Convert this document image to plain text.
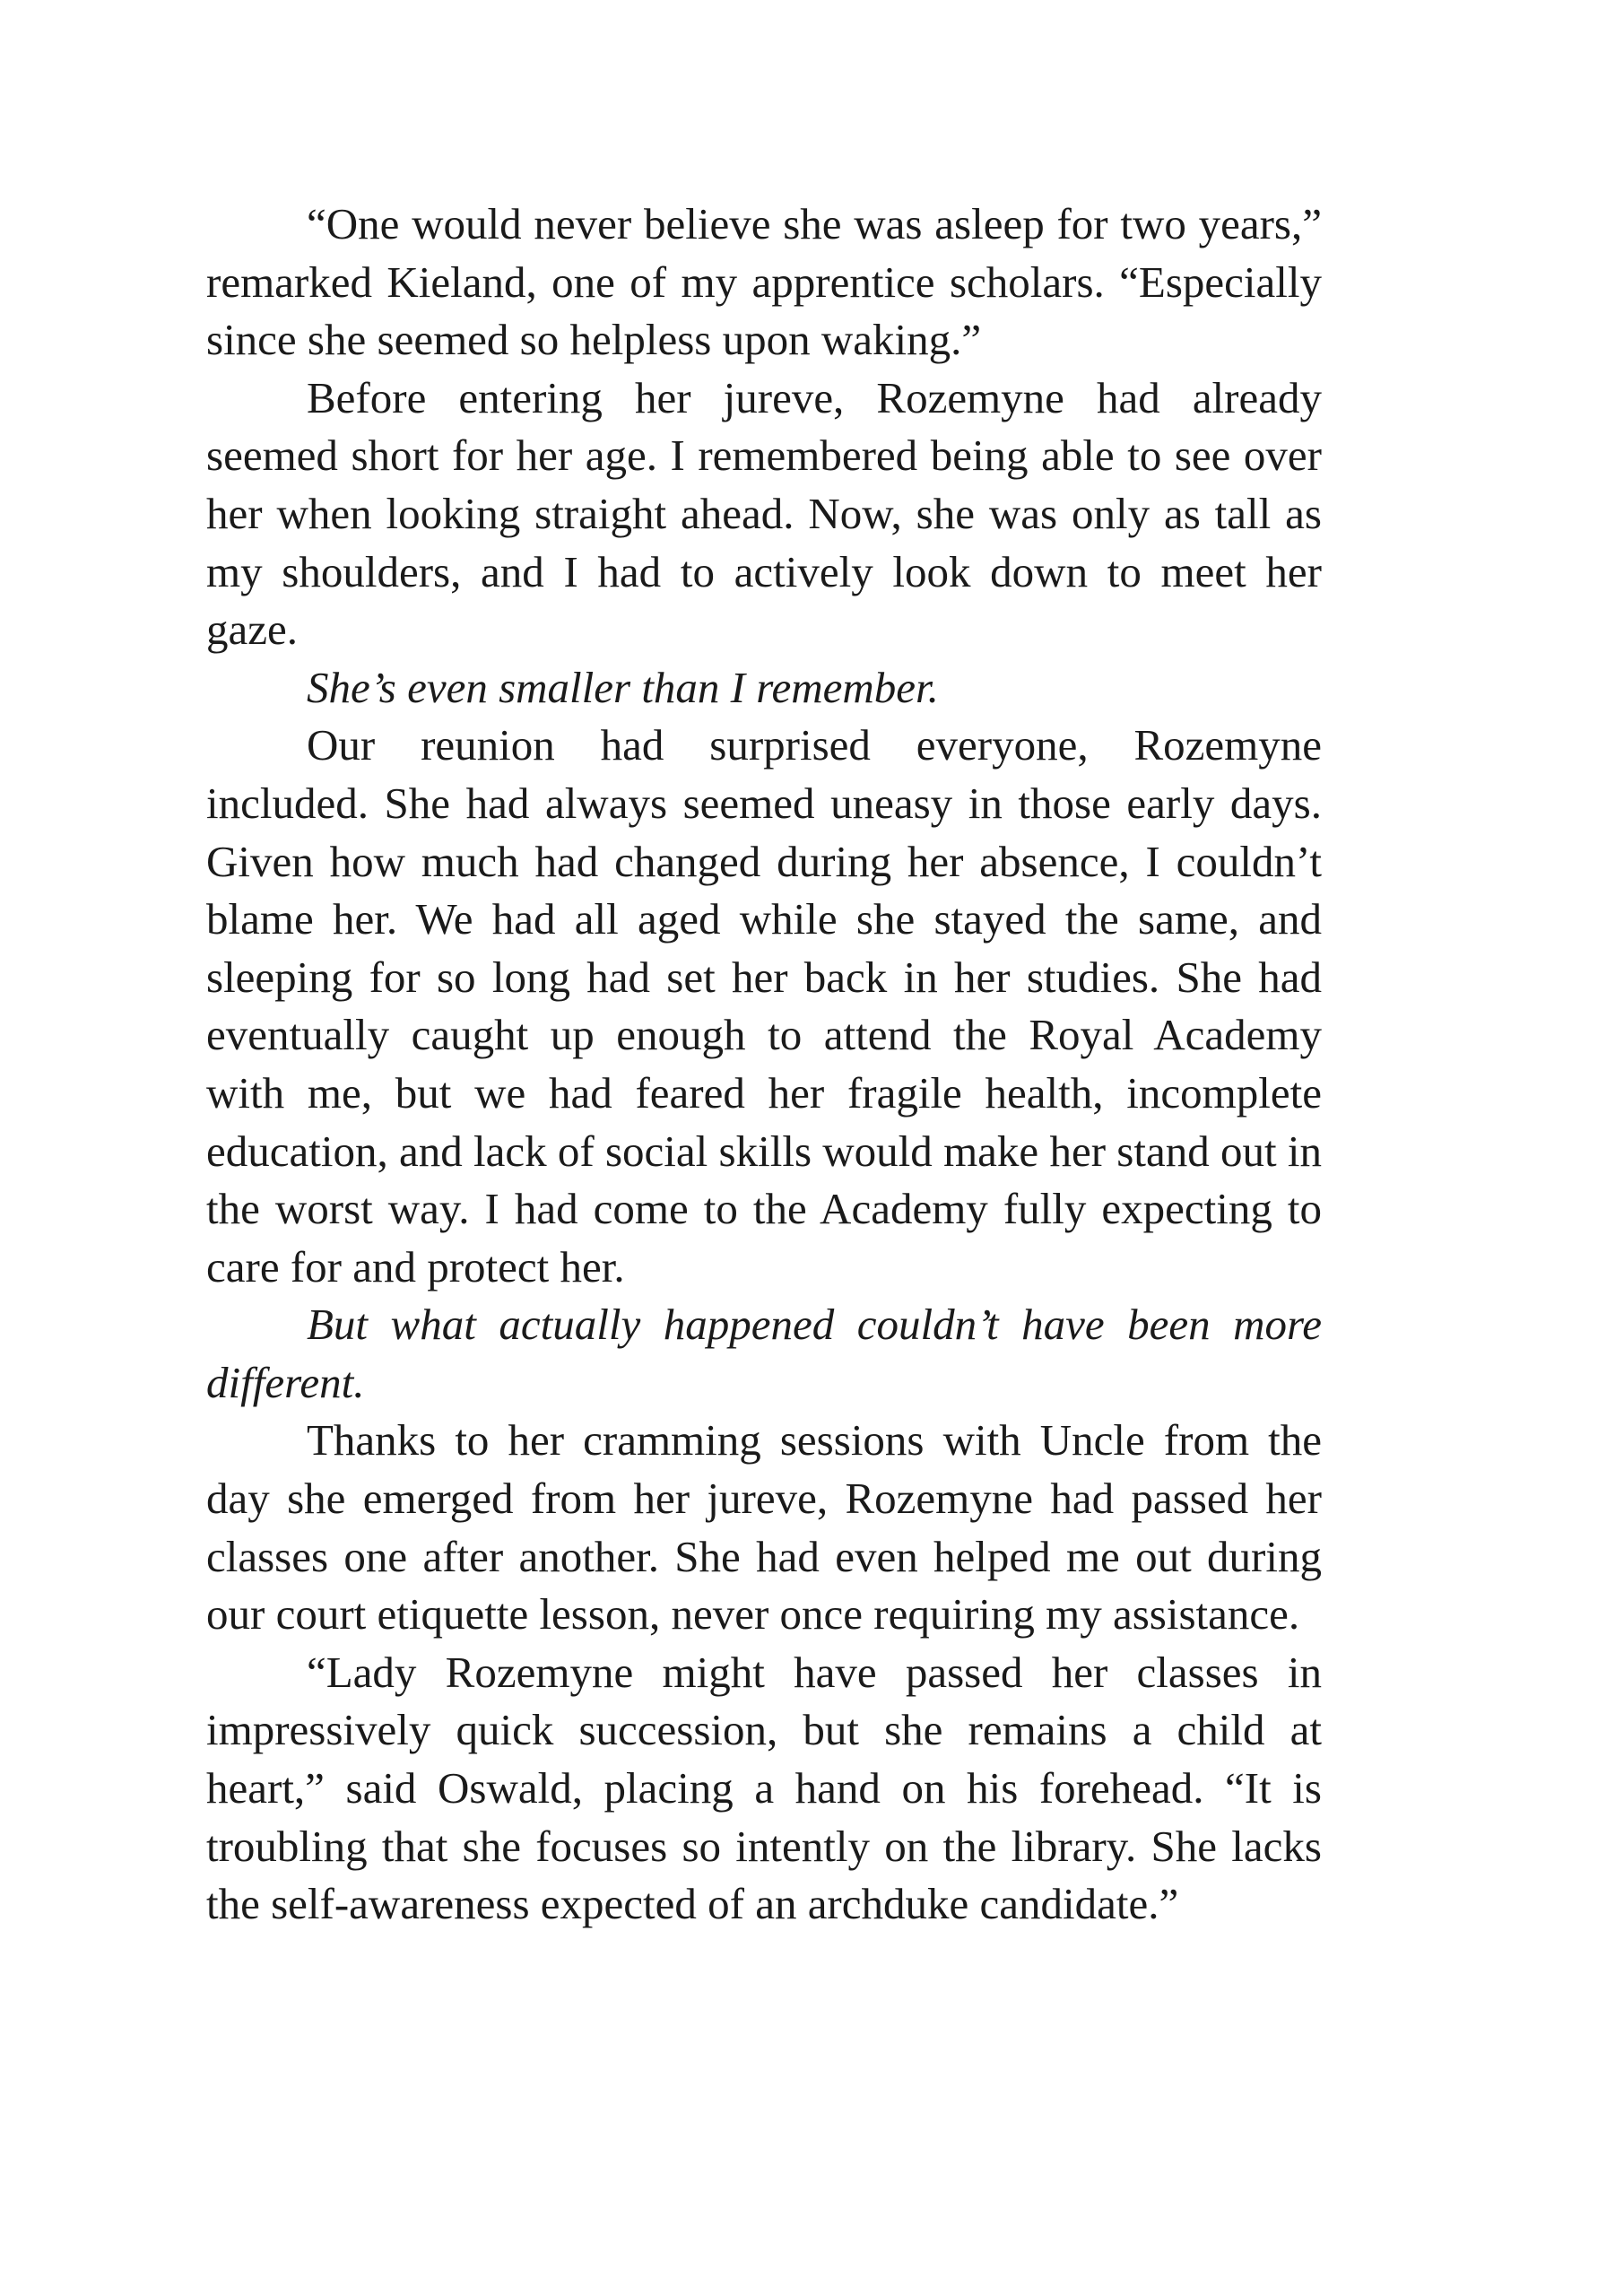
“One would never believe she was asleep for two years,” remarked Kieland, one of my apprentice scholars. “Especially since she seemed so helpless upon waking.”

Before entering her jureve, Rozemyne had already seemed short for her age. I remembered being able to see over her when looking straight ahead. Now, she was only as tall as my shoulders, and I had to actively look down to meet her gaze.

She’s even smaller than I remember.

Our reunion had surprised everyone, Rozemyne included. She had always seemed uneasy in those early days. Given how much had changed during her absence, I couldn’t blame her. We had all aged while she stayed the same, and sleeping for so long had set her back in her studies. She had eventually caught up enough to attend the Royal Academy with me, but we had feared her fragile health, incomplete education, and lack of social skills would make her stand out in the worst way. I had come to the Academy fully expecting to care for and protect her.

But what actually happened couldn’t have been more different.

Thanks to her cramming sessions with Uncle from the day she emerged from her jureve, Rozemyne had passed her classes one after another. She had even helped me out during our court etiquette lesson, never once requiring my assistance.

“Lady Rozemyne might have passed her classes in impressively quick succession, but she remains a child at heart,” said Oswald, placing a hand on his forehead. “It is troubling that she focuses so intently on the library. She lacks the self-awareness expected of an archduke candidate.”
